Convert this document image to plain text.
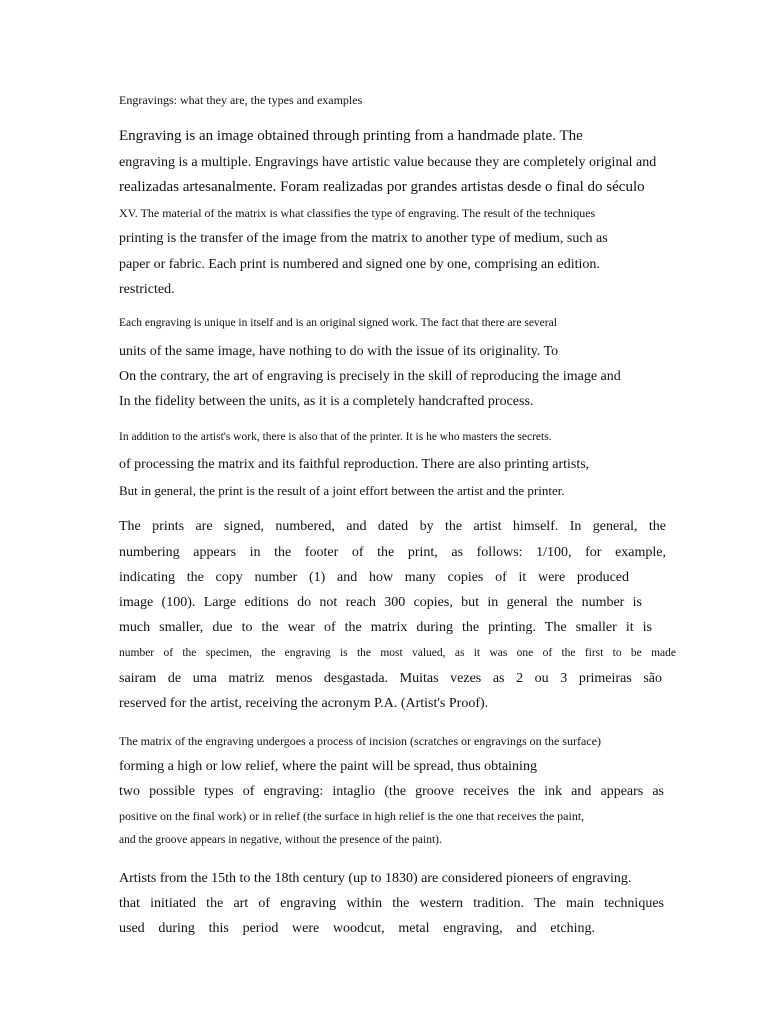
Engravings: what they are, the types and examples
Engraving is an image obtained through printing from a handmade plate. The
engraving is a multiple. Engravings have artistic value because they are completely original and
realizadas artesanalmente. Foram realizadas por grandes artistas desde o final do século
XV. The material of the matrix is what classifies the type of engraving. The result of the techniques
printing is the transfer of the image from the matrix to another type of medium, such as
paper or fabric. Each print is numbered and signed one by one, comprising an edition.
restricted.
Each engraving is unique in itself and is an original signed work. The fact that there are several
units of the same image, have nothing to do with the issue of its originality. To
On the contrary, the art of engraving is precisely in the skill of reproducing the image and
In the fidelity between the units, as it is a completely handcrafted process.
In addition to the artist's work, there is also that of the printer. It is he who masters the secrets.
of processing the matrix and its faithful reproduction. There are also printing artists,
But in general, the print is the result of a joint effort between the artist and the printer.
The prints are signed, numbered, and dated by the artist himself. In general, the
numbering appears in the footer of the print, as follows: 1/100, for example,
indicating the copy number (1) and how many copies of it were produced
image (100). Large editions do not reach 300 copies, but in general the number is
much smaller, due to the wear of the matrix during the printing. The smaller it is
number of the specimen, the engraving is the most valued, as it was one of the first to be made
sairam de uma matriz menos desgastada. Muitas vezes as 2 ou 3 primeiras são
reserved for the artist, receiving the acronym P.A. (Artist's Proof).
The matrix of the engraving undergoes a process of incision (scratches or engravings on the surface)
forming a high or low relief, where the paint will be spread, thus obtaining
two possible types of engraving: intaglio (the groove receives the ink and appears as
positive on the final work) or in relief (the surface in high relief is the one that receives the paint,
and the groove appears in negative, without the presence of the paint).
Artists from the 15th to the 18th century (up to 1830) are considered pioneers of engraving.
that initiated the art of engraving within the western tradition. The main techniques
used during this period were woodcut, metal engraving, and etching.
